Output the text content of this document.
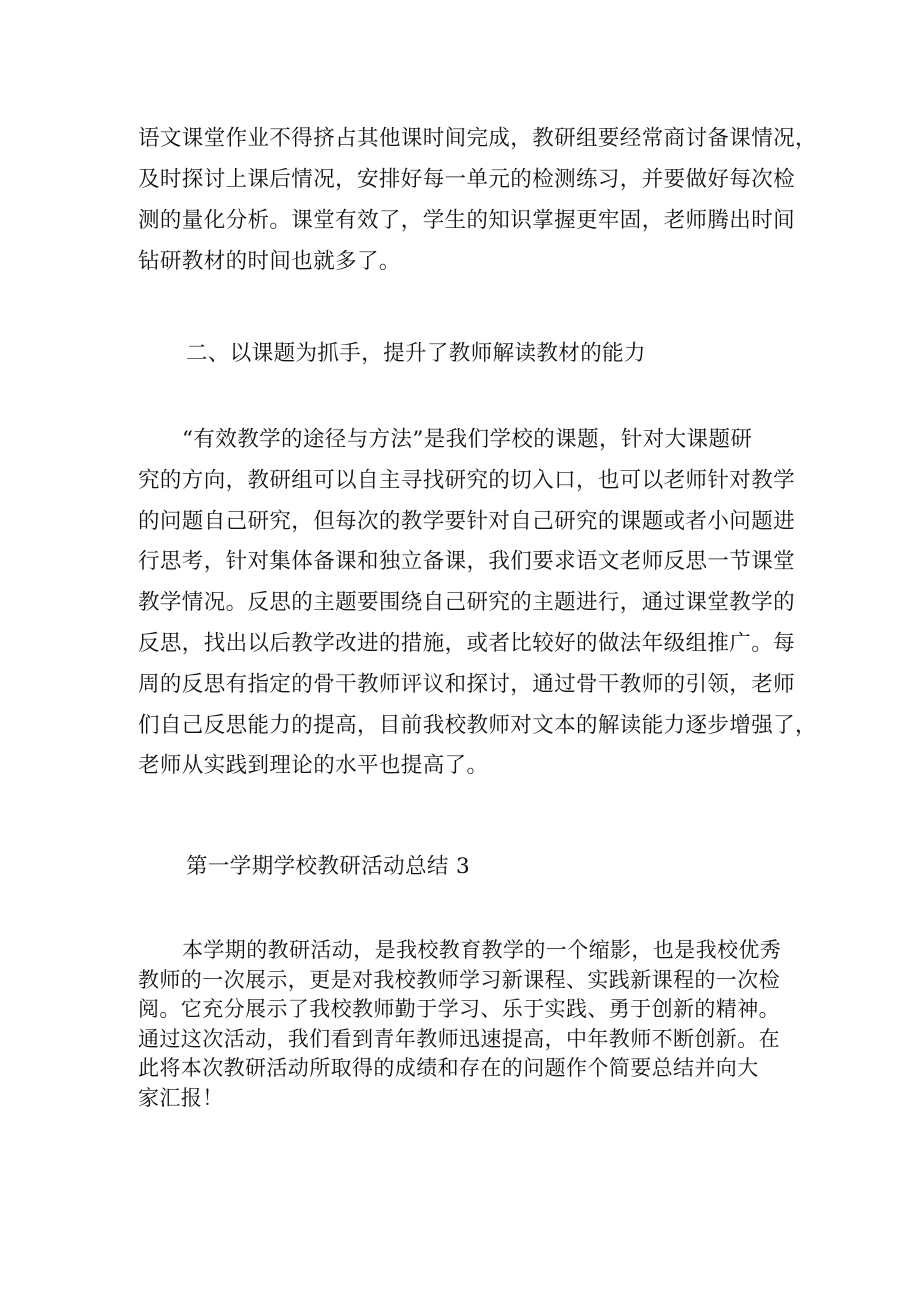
语文课堂作业不得挤占其他课时间完成，教研组要经常商讨备课情况，
及时探讨上课后情况，安排好每一单元的检测练习，并要做好每次检
测的量化分析。课堂有效了，学生的知识掌握更牢固，老师腾出时间
钻研教材的时间也就多了。

二、以课题为抓手，提升了教师解读教材的能力

“有效教学的途径与方法”是我们学校的课题，针对大课题研
究的方向，教研组可以自主寻找研究的切入口，也可以老师针对教学
的问题自己研究，但每次的教学要针对自己研究的课题或者小问题进
行思考，针对集体备课和独立备课，我们要求语文老师反思一节课堂
教学情况。反思的主题要围绕自己研究的主题进行，通过课堂教学的
反思，找出以后教学改进的措施，或者比较好的做法年级组推广。每
周的反思有指定的骨干教师评议和探讨，通过骨干教师的引领，老师
们自己反思能力的提高，目前我校教师对文本的解读能力逐步增强了，
老师从实践到理论的水平也提高了。

第一学期学校教研活动总结 3

本学期的教研活动，是我校教育教学的一个缩影，也是我校优秀
教师的一次展示，更是对我校教师学习新课程、实践新课程的一次检
阅。它充分展示了我校教师勤于学习、乐于实践、勇于创新的精神。
通过这次活动，我们看到青年教师迅速提高，中年教师不断创新。在
此将本次教研活动所取得的成绩和存在的问题作个简要总结并向大
家汇报！
